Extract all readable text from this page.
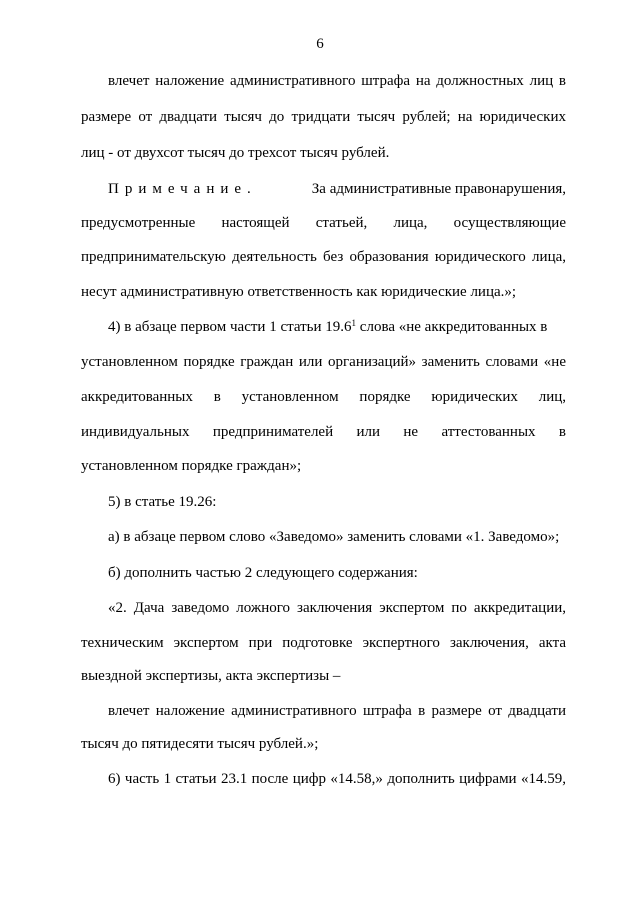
6
влечет наложение административного штрафа на должностных лиц в
размере от двадцати тысяч до тридцати тысяч рублей; на юридических
лиц - от двухсот тысяч до трехсот тысяч рублей.
Примечание.	За административные правонарушения,
предусмотренные настоящей статьей, лица, осуществляющие
предпринимательскую деятельность без образования юридического лица,
несут административную ответственность как юридические лица.»;
4) в абзаце первом части 1 статьи 19.6$^1$ слова «не аккредитованных в
установленном порядке граждан или организаций» заменить словами «не
аккредитованных в установленном порядке юридических лиц,
индивидуальных предпринимателей или не аттестованных в
установленном порядке граждан»;
5) в статье 19.26:
а) в абзаце первом слово «Заведомо» заменить словами «1. Заведомо»;
б) дополнить частью 2 следующего содержания:
«2. Дача заведомо ложного заключения экспертом по аккредитации,
техническим экспертом при подготовке экспертного заключения, акта
выездной экспертизы, акта экспертизы –
влечет наложение административного штрафа в размере от двадцати
тысяч до пятидесяти тысяч рублей.»;
6) часть 1 статьи 23.1 после цифр «14.58,» дополнить цифрами «14.59,
